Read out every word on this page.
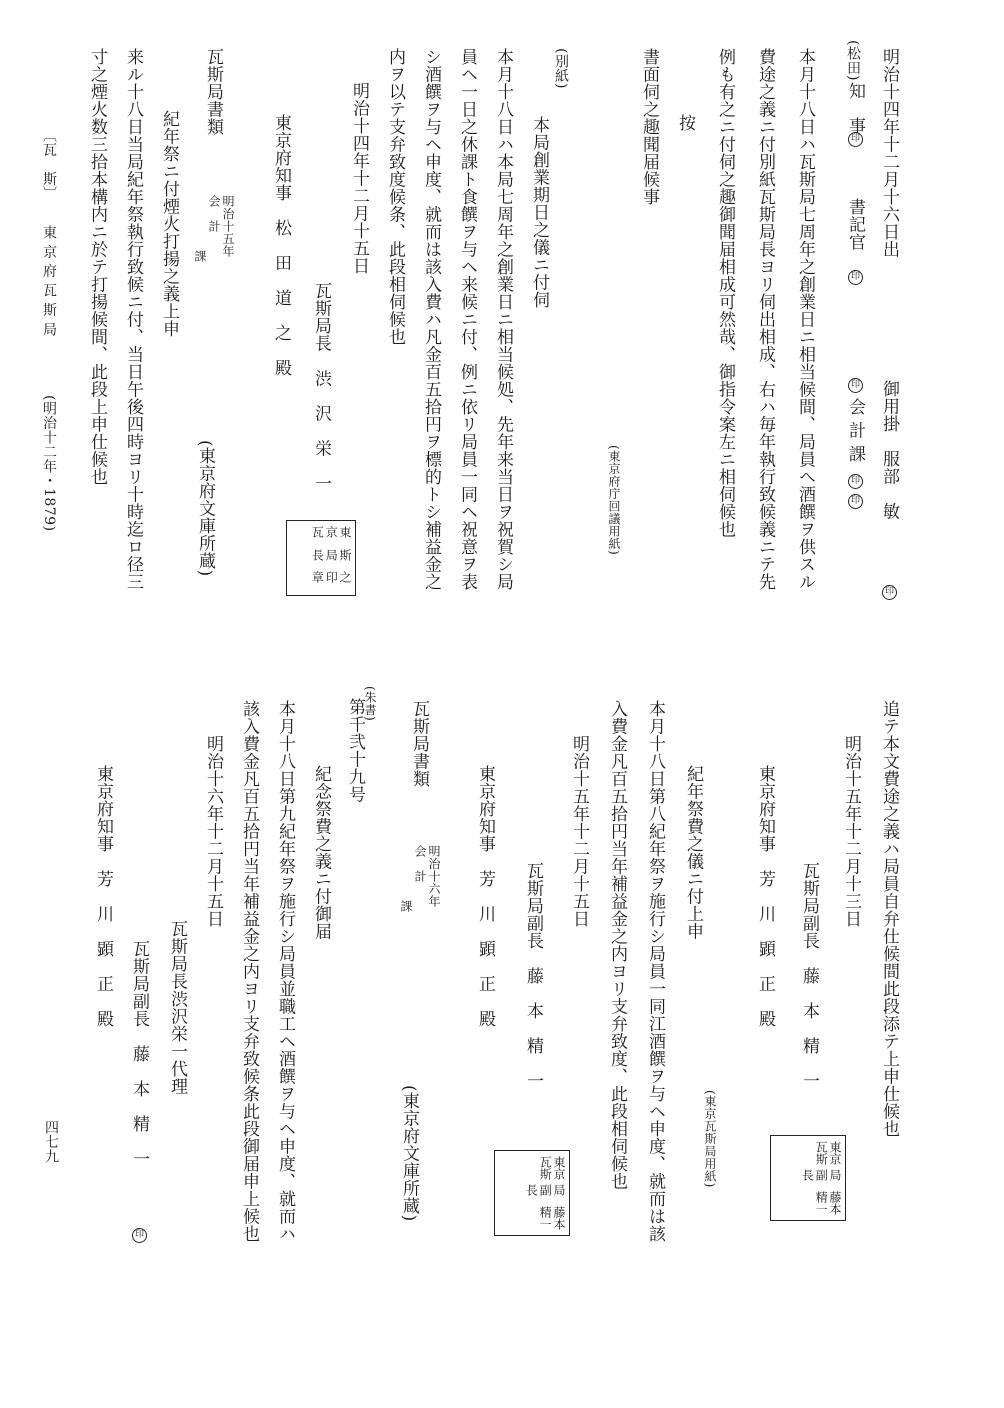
明治十四年十二月十六日出
御用掛　服部　敏
印
(松田)
知　事
印
書記官
印
印
会 計 課
印
印
本月十八日ハ瓦斯局七周年之創業日ニ相当候間、局員へ酒饌ヲ供スル
費途之義ニ付別紙瓦斯局長ヨリ伺出相成、右ハ毎年執行致候義ニテ先
例も有之ニ付伺之趣御聞届相成可然哉、御指令案左ニ相伺候也
按
書面伺之趣聞届候事
(東京府庁回議用紙)
(別紙)
本局創業期日之儀ニ付伺
本月十八日ハ本局七周年之創業日ニ相当候処、先年来当日ヲ祝賀シ局
員ヘ一日之休課ト食饌ヲ与ヘ来候ニ付、例ニ依リ局員一同ヘ祝意ヲ表
シ酒饌ヲ与ヘ申度、就而は該入費ハ凡金百五拾円ヲ標的トシ補益金之
内ヲ以テ支弁致度候条、此段相伺候也
明治十四年十二月十五日
瓦斯局長　渋　沢　栄　一
東京瓦
斯局長
之印章
東京府知事　松　田　道　之　殿
瓦斯局書類
明治十五年
会　計
課
(東京府文庫所蔵)
紀年祭ニ付煙火打揚之義上申
来ル十八日当局紀年祭執行致候ニ付、当日午後四時ヨリ十時迄ロ径三
寸之煙火数三拾本構内ニ於テ打揚候間、此段上申仕候也
〔瓦　斯〕
東 京 府 瓦 斯 局
(明治十二年・1879)
追テ本文費途之義ハ局員自弁仕候間此段添テ上申仕候也
明治十五年十二月十三日
瓦斯局副長　藤　本　精　一
東京瓦斯
局副長
藤本精一
東京府知事　芳　川　顕　正　殿
(東京瓦斯局用紙)
紀年祭費之儀ニ付上申
本月十八日第八紀年祭ヲ施行シ局員一同江酒饌ヲ与ヘ申度、就而は該
入費金凡百五拾円当年補益金之内ヨリ支弁致度、此段相伺候也
明治十五年十二月十五日
瓦斯局副長　藤　本　精　一
東京瓦斯
局副長
藤本精一
東京府知事　芳　川　顕　正　殿
瓦斯局書類
明治十六年
会　計
課
(東京府文庫所蔵)
(朱書)
第千弐十九号
紀念祭費之義ニ付御届
本月十八日第九紀年祭ヲ施行シ局員並職工ヘ酒饌ヲ与ヘ申度、就而ハ
該入費金凡百五拾円当年補益金之内ヨリ支弁致候条此段御届申上候也
明治十六年十二月十五日
瓦斯局長渋沢栄一代理
瓦斯局副長　藤　本　精　一
印
東京府知事　芳　川　顕　正　殿
四七九
